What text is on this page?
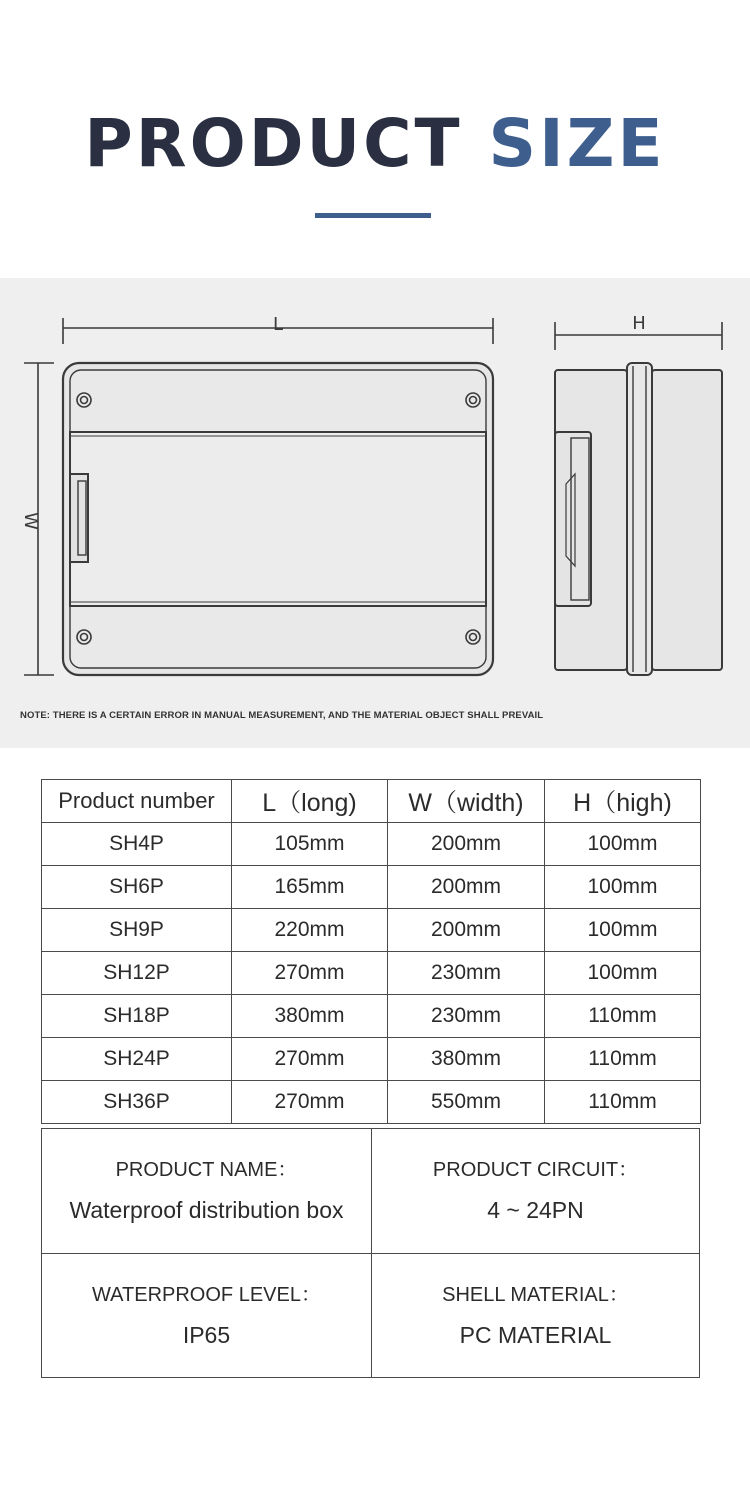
PRODUCT SIZE
L	H
W
NOTE: THERE IS A CERTAIN ERROR IN MANUAL MEASUREMENT, AND THE MATERIAL OBJECT SHALL PREVAIL
Product number	L（long)	W（width)	H（high)
SH4P	105mm	200mm	100mm
SH6P	165mm	200mm	100mm
SH9P	220mm	200mm	100mm
SH12P	270mm	230mm	100mm
SH18P	380mm	230mm	110mm
SH24P	270mm	380mm	110mm
SH36P	270mm	550mm	110mm
PRODUCT NAME：
Waterproof distribution box
PRODUCT CIRCUIT：
4 ~ 24PN
WATERPROOF LEVEL：
IP65
SHELL MATERIAL：
PC MATERIAL
